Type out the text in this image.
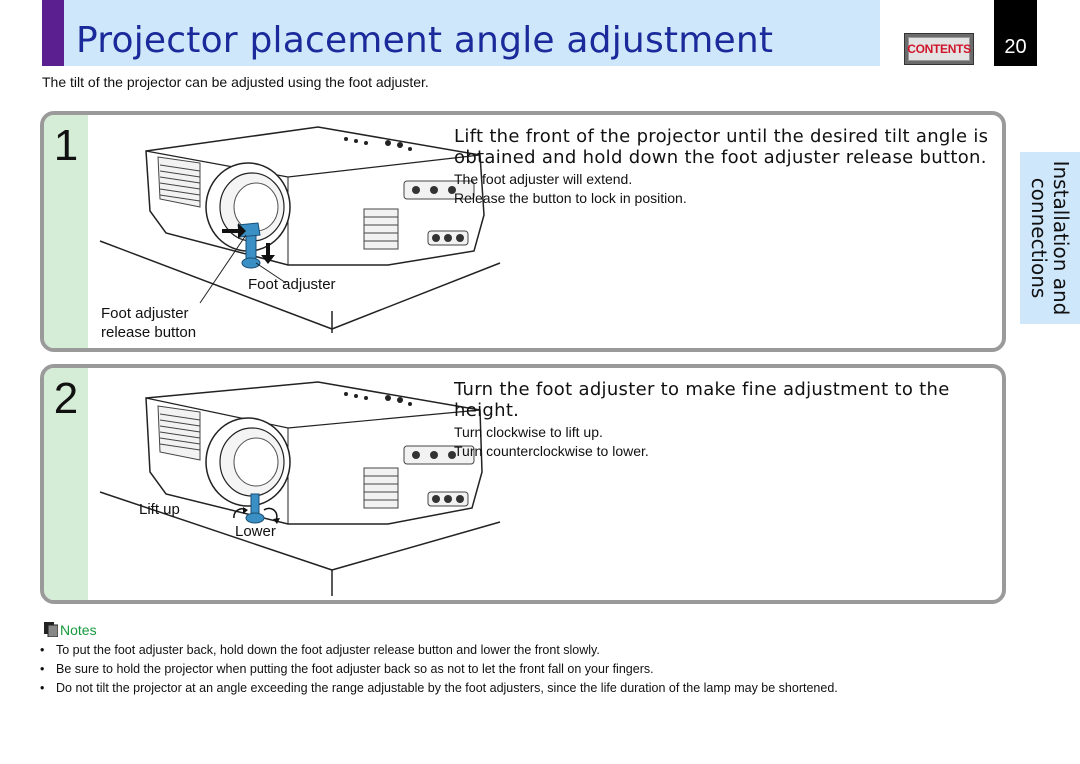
Projector placement angle adjustment	CONTENTS	20
The tilt of the projector can be adjusted using the foot adjuster.
Installation and
connections
1
Foot adjuster
Foot adjuster
release button
Lift the front of the projector until the desired tilt angle is
obtained and hold down the foot adjuster release button.
The foot adjuster will extend.
Release the button to lock in position.
2
Lift up
Lower
Turn the foot adjuster to make fine adjustment to the
height.
Turn clockwise to lift up.
Turn counterclockwise to lower.
Notes
• To put the foot adjuster back, hold down the foot adjuster release button and lower the front slowly.
• Be sure to hold the projector when putting the foot adjuster back so as not to let the front fall on your fingers.
• Do not tilt the projector at an angle exceeding the range adjustable by the foot adjusters, since the life duration of the lamp may be shortened.
